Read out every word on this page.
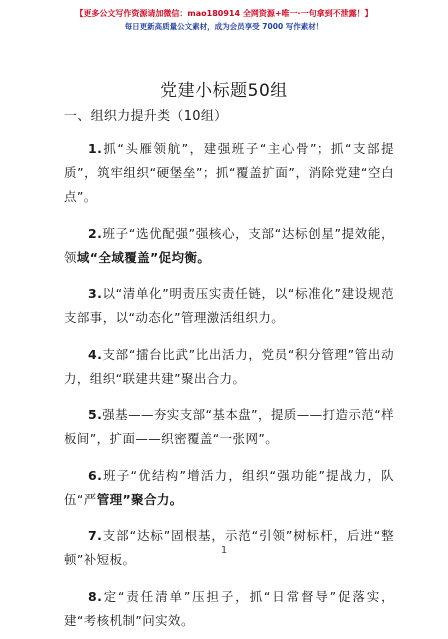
【更多公文写作资源请加微信：mao180914 全网资源+唯一·一句拿到不泄露！】
每日更新高质量公文素材，成为会员享受 7000 写作素材！
党建小标题50组
一、组织力提升类（10组）

1.抓“头雁领航”，建强班子“主心骨”；抓“支部提质”，筑牢组织“硬堡垒”；抓“覆盖扩面”，消除党建“空白点”。

2.班子“选优配强”强核心，支部“达标创星”提效能，领域“全域覆盖”促均衡。

3.以“清单化”明责压实责任链，以“标准化”建设规范支部事，以“动态化”管理激活组织力。

4.支部“擂台比武”比出活力，党员“积分管理”管出动力，组织“联建共建”聚出合力。

5.强基——夯实支部“基本盘”，提质——打造示范“样板间”，扩面——织密覆盖“一张网”。

6.班子“优结构”增活力，组织“强功能”提战力，队伍“严管理”聚合力。

7.支部“达标”固根基，示范“引领”树标杆，后进“整顿”补短板。

8.定“责任清单”压担子，抓“日常督导”促落实，建“考核机制”问实效。

1
